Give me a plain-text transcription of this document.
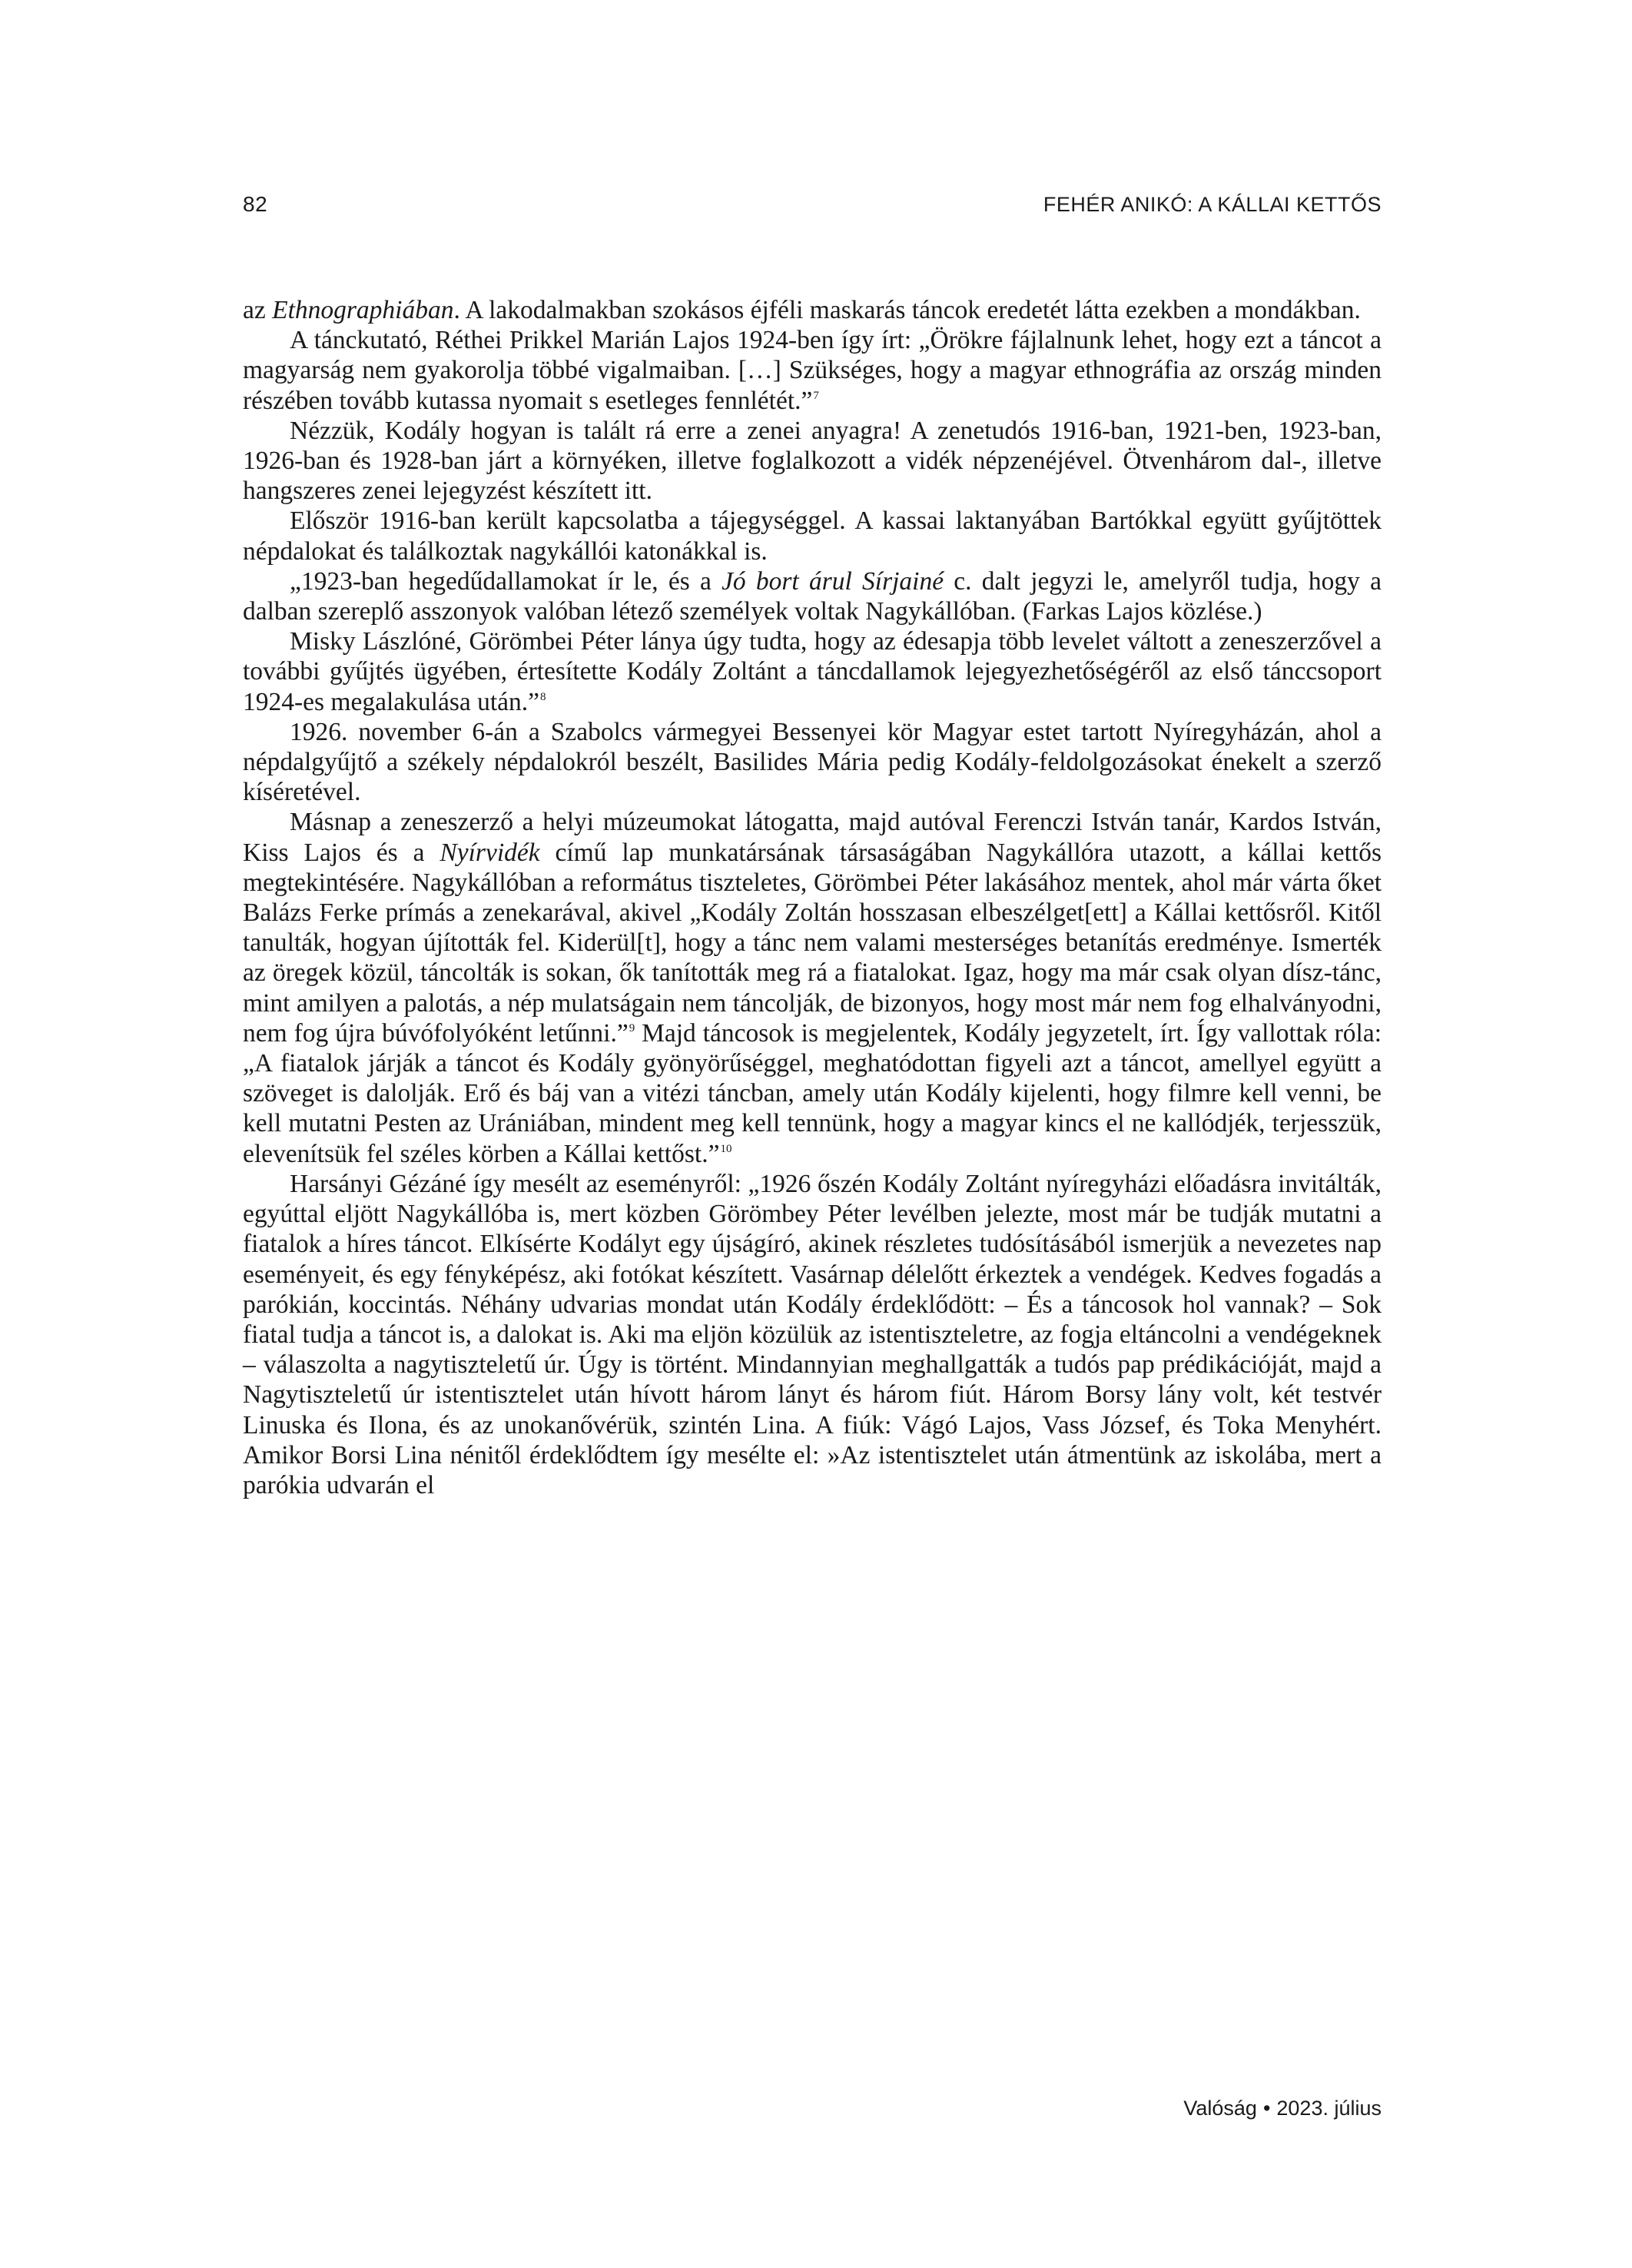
82	FEHÉR ANIKÓ: A KÁLLAI KETTŐS

az Ethnographiában. A lakodalmakban szokásos éjféli maskarás táncok eredetét látta ezekben a mondákban.

A tánckutató, Réthei Prikkel Marián Lajos 1924-ben így írt: „Örökre fájlalnunk lehet, hogy ezt a táncot a magyarság nem gyakorolja többé vigalmaiban. […] Szükséges, hogy a magyar ethnográfia az ország minden részében tovább kutassa nyomait s esetleges fennlétét.”$^7$

Nézzük, Kodály hogyan is talált rá erre a zenei anyagra! A zenetudós 1916-ban, 1921-ben, 1923-ban, 1926-ban és 1928-ban járt a környéken, illetve foglalkozott a vidék népzenéjével. Ötvenhárom dal-, illetve hangszeres zenei lejegyzést készített itt.

Először 1916-ban került kapcsolatba a tájegységgel. A kassai laktanyában Bartókkal együtt gyűjtöttek népdalokat és találkoztak nagykállói katonákkal is.

„1923-ban hegedűdallamokat ír le, és a Jó bort árul Sírjainé c. dalt jegyzi le, amelyről tudja, hogy a dalban szereplő asszonyok valóban létező személyek voltak Nagykállóban. (Farkas Lajos közlése.)

Misky Lászlóné, Görömbei Péter lánya úgy tudta, hogy az édesapja több levelet váltott a zeneszerzővel a további gyűjtés ügyében, értesítette Kodály Zoltánt a táncdallamok lejegyezhetőségéről az első tánccsoport 1924-es megalakulása után.”$^8$

1926. november 6-án a Szabolcs vármegyei Bessenyei kör Magyar estet tartott Nyíregyházán, ahol a népdalgyűjtő a székely népdalokról beszélt, Basilides Mária pedig Kodály-feldolgozásokat énekelt a szerző kíséretével.

Másnap a zeneszerző a helyi múzeumokat látogatta, majd autóval Ferenczi István tanár, Kardos István, Kiss Lajos és a Nyírvidék című lap munkatársának társaságában Nagykállóra utazott, a kállai kettős megtekintésére. Nagykállóban a református tiszteletes, Görömbei Péter lakásához mentek, ahol már várta őket Balázs Ferke prímás a zenekarával, akivel „Kodály Zoltán hosszasan elbeszélget[ett] a Kállai kettősről. Kitől tanulták, hogyan újították fel. Kiderül[t], hogy a tánc nem valami mesterséges betanítás eredménye. Ismerték az öregek közül, táncolták is sokan, ők tanították meg rá a fiatalokat. Igaz, hogy ma már csak olyan dísz-tánc, mint amilyen a palotás, a nép mulatságain nem táncolják, de bizonyos, hogy most már nem fog elhalványodni, nem fog újra búvófolyóként letűnni.”$^9$ Majd táncosok is megjelentek, Kodály jegyzetelt, írt. Így vallottak róla: „A fiatalok járják a táncot és Kodály gyönyörűséggel, meghatódottan figyeli azt a táncot, amellyel együtt a szöveget is dalolják. Erő és báj van a vitézi táncban, amely után Kodály kijelenti, hogy filmre kell venni, be kell mutatni Pesten az Urániában, mindent meg kell tennünk, hogy a magyar kincs el ne kallódjék, terjesszük, elevenítsük fel széles körben a Kállai kettőst.”$^{10}$

Harsányi Gézáné így mesélt az eseményről: „1926 őszén Kodály Zoltánt nyíregyházi előadásra invitálták, egyúttal eljött Nagykállóba is, mert közben Görömbey Péter levélben jelezte, most már be tudják mutatni a fiatalok a híres táncot. Elkísérte Kodályt egy újságíró, akinek részletes tudósításából ismerjük a nevezetes nap eseményeit, és egy fényképész, aki fotókat készített. Vasárnap délelőtt érkeztek a vendégek. Kedves fogadás a parókián, koccintás. Néhány udvarias mondat után Kodály érdeklődött: – És a táncosok hol vannak? – Sok fiatal tudja a táncot is, a dalokat is. Aki ma eljön közülük az istentiszteletre, az fogja eltáncolni a vendégeknek – válaszolta a nagytiszteletű úr. Úgy is történt. Mindannyian meghallgatták a tudós pap prédikációját, majd a Nagytiszteletű úr istentisztelet után hívott három lányt és három fiút. Három Borsy lány volt, két testvér Linuska és Ilona, és az unokanővérük, szintén Lina. A fiúk: Vágó Lajos, Vass József, és Toka Menyhért. Amikor Borsi Lina nénitől érdeklődtem így mesélte el: »Az istentisztelet után átmentünk az iskolába, mert a parókia udvarán el

Valóság • 2023. július
